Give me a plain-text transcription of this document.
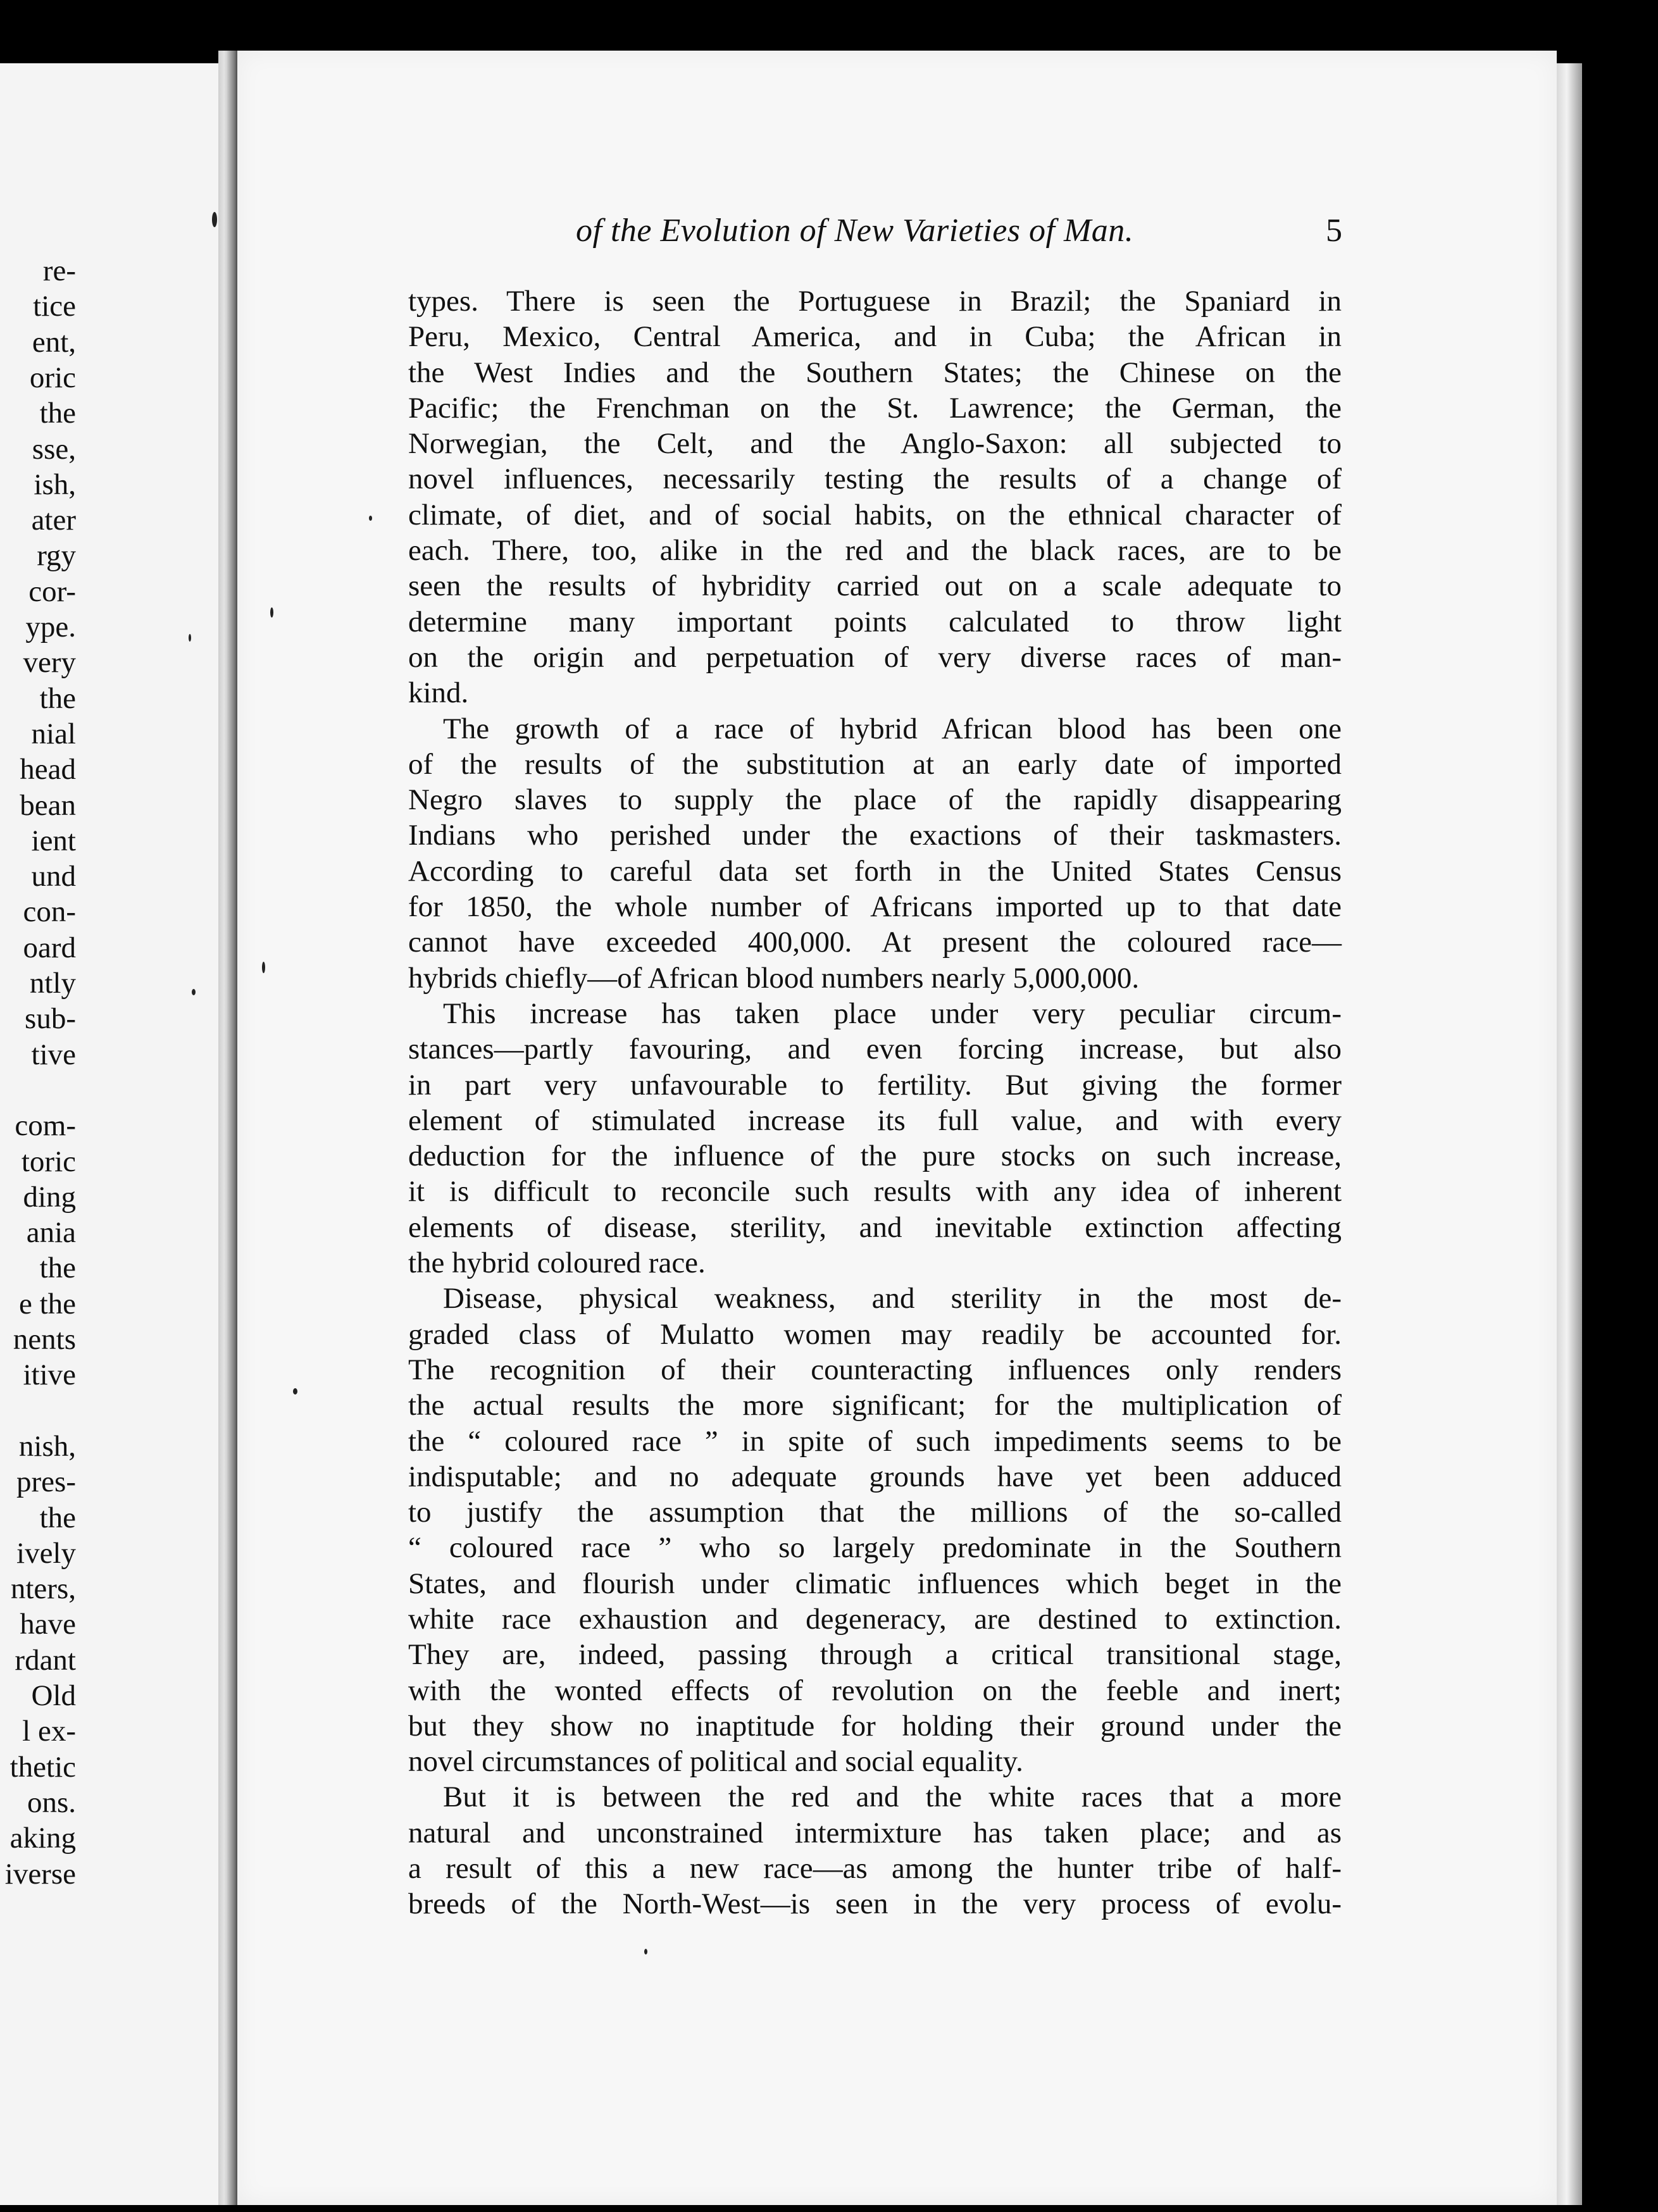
re-
tice
ent,
oric
the
sse,
ish,
ater
rgy
cor-
ype.
very
the
nial
head
bean
ient
und
con-
oard
ntly
sub-
tive
com-
toric
ding
ania
the
e the
nents
itive
nish,
pres-
the
ively
nters,
have
rdant
Old
l ex-
thetic
ons.
aking
iverse
of the Evolution of New Varieties of Man.	5
types. There is seen the Portuguese in Brazil; the Spaniard in
Peru, Mexico, Central America, and in Cuba; the African in
the West Indies and the Southern States; the Chinese on the
Pacific; the Frenchman on the St. Lawrence; the German, the
Norwegian, the Celt, and the Anglo-Saxon: all subjected to
novel influences, necessarily testing the results of a change of
climate, of diet, and of social habits, on the ethnical character of
each. There, too, alike in the red and the black races, are to be
seen the results of hybridity carried out on a scale adequate to
determine many important points calculated to throw light
on the origin and perpetuation of very diverse races of man-
kind.
The growth of a race of hybrid African blood has been one
of the results of the substitution at an early date of imported
Negro slaves to supply the place of the rapidly disappearing
Indians who perished under the exactions of their taskmasters.
According to careful data set forth in the United States Census
for 1850, the whole number of Africans imported up to that date
cannot have exceeded 400,000. At present the coloured race—
hybrids chiefly—of African blood numbers nearly 5,000,000.
This increase has taken place under very peculiar circum-
stances—partly favouring, and even forcing increase, but also
in part very unfavourable to fertility. But giving the former
element of stimulated increase its full value, and with every
deduction for the influence of the pure stocks on such increase,
it is difficult to reconcile such results with any idea of inherent
elements of disease, sterility, and inevitable extinction affecting
the hybrid coloured race.
Disease, physical weakness, and sterility in the most de-
graded class of Mulatto women may readily be accounted for.
The recognition of their counteracting influences only renders
the actual results the more significant; for the multiplication of
the “ coloured race ” in spite of such impediments seems to be
indisputable; and no adequate grounds have yet been adduced
to justify the assumption that the millions of the so-called
“ coloured race ” who so largely predominate in the Southern
States, and flourish under climatic influences which beget in the
white race exhaustion and degeneracy, are destined to extinction.
They are, indeed, passing through a critical transitional stage,
with the wonted effects of revolution on the feeble and inert;
but they show no inaptitude for holding their ground under the
novel circumstances of political and social equality.
But it is between the red and the white races that a more
natural and unconstrained intermixture has taken place; and as
a result of this a new race—as among the hunter tribe of half-
breeds of the North-West—is seen in the very process of evolu-
